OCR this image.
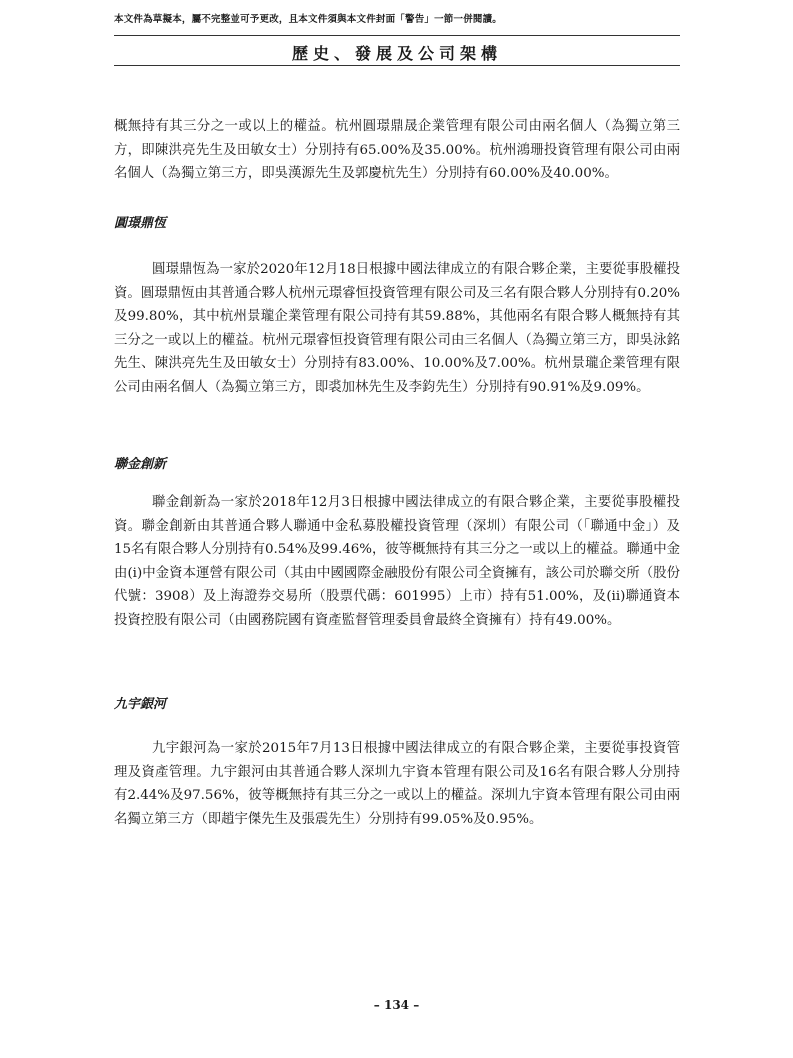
本文件為草擬本，屬不完整並可予更改，且本文件須與本文件封面「警告」一節一併閱讀。
歷史、發展及公司架構

概無持有其三分之一或以上的權益。杭州圓璟鼎晟企業管理有限公司由兩名個人（為獨立第三方，即陳洪亮先生及田敏女士）分別持有65.00%及35.00%。杭州鴻珊投資管理有限公司由兩名個人（為獨立第三方，即吳漢源先生及郭慶杭先生）分別持有60.00%及40.00%。

圓璟鼎恆

圓璟鼎恆為一家於2020年12月18日根據中國法律成立的有限合夥企業，主要從事股權投資。圓璟鼎恆由其普通合夥人杭州元璟睿恒投資管理有限公司及三名有限合夥人分別持有0.20%及99.80%，其中杭州景瓏企業管理有限公司持有其59.88%，其他兩名有限合夥人概無持有其三分之一或以上的權益。杭州元璟睿恒投資管理有限公司由三名個人（為獨立第三方，即吳泳銘先生、陳洪亮先生及田敏女士）分別持有83.00%、10.00%及7.00%。杭州景瓏企業管理有限公司由兩名個人（為獨立第三方，即裘加林先生及李鈞先生）分別持有90.91%及9.09%。

聯金創新

聯金創新為一家於2018年12月3日根據中國法律成立的有限合夥企業，主要從事股權投資。聯金創新由其普通合夥人聯通中金私募股權投資管理（深圳）有限公司（「聯通中金」）及15名有限合夥人分別持有0.54%及99.46%，彼等概無持有其三分之一或以上的權益。聯通中金由(i)中金資本運營有限公司（其由中國國際金融股份有限公司全資擁有，該公司於聯交所（股份代號：3908）及上海證券交易所（股票代碼：601995）上市）持有51.00%，及(ii)聯通資本投資控股有限公司（由國務院國有資產監督管理委員會最終全資擁有）持有49.00%。

九宇銀河

九宇銀河為一家於2015年7月13日根據中國法律成立的有限合夥企業，主要從事投資管理及資產管理。九宇銀河由其普通合夥人深圳九宇資本管理有限公司及16名有限合夥人分別持有2.44%及97.56%，彼等概無持有其三分之一或以上的權益。深圳九宇資本管理有限公司由兩名獨立第三方（即趙宇傑先生及張震先生）分別持有99.05%及0.95%。

– 134 –
